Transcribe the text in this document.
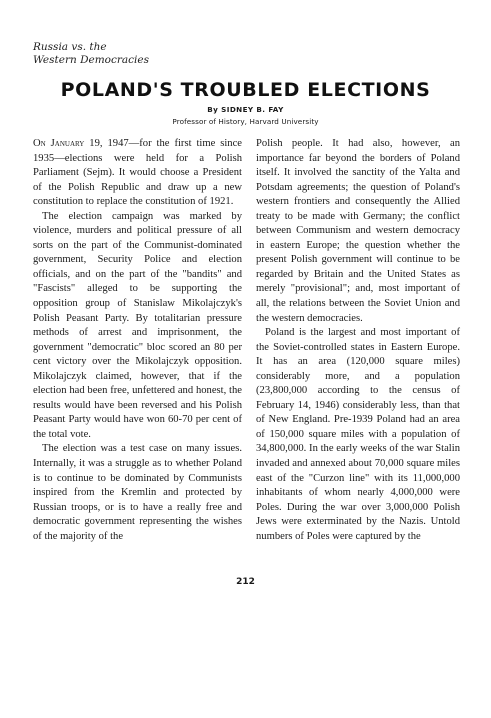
Russia vs. the
Western Democracies
POLAND'S TROUBLED ELECTIONS
By SIDNEY B. FAY
Professor of History, Harvard University

On January 19, 1947—for the first time since 1935—elections were held for a Polish Parliament (Sejm). It would choose a President of the Polish Republic and draw up a new constitution to replace the constitution of 1921.

The election campaign was marked by violence, murders and political pressure of all sorts on the part of the Communist-dominated government, Security Police and election officials, and on the part of the "bandits" and "Fascists" alleged to be supporting the opposition group of Stanislaw Mikolajczyk's Polish Peasant Party. By totalitarian pressure methods of arrest and imprisonment, the government "democratic" bloc scored an 80 per cent victory over the Mikolajczyk opposition. Mikolajczyk claimed, however, that if the election had been free, unfettered and honest, the results would have been reversed and his Polish Peasant Party would have won 60-70 per cent of the total vote.

The election was a test case on many issues. Internally, it was a struggle as to whether Poland is to continue to be dominated by Communists inspired from the Kremlin and protected by Russian troops, or is to have a really free and democratic government representing the wishes of the majority of the

Polish people. It had also, however, an importance far beyond the borders of Poland itself. It involved the sanctity of the Yalta and Potsdam agreements; the question of Poland's western frontiers and consequently the Allied treaty to be made with Germany; the conflict between Communism and western democracy in eastern Europe; the question whether the present Polish government will continue to be regarded by Britain and the United States as merely "provisional"; and, most important of all, the relations between the Soviet Union and the western democracies.

Poland is the largest and most important of the Soviet-controlled states in Eastern Europe. It has an area (120,000 square miles) considerably more, and a population (23,800,000 according to the census of February 14, 1946) considerably less, than that of New England. Pre-1939 Poland had an area of 150,000 square miles with a population of 34,800,000. In the early weeks of the war Stalin invaded and annexed about 70,000 square miles east of the "Curzon line" with its 11,000,000 inhabitants of whom nearly 4,000,000 were Poles. During the war over 3,000,000 Polish Jews were exterminated by the Nazis. Untold numbers of Poles were captured by the

212
